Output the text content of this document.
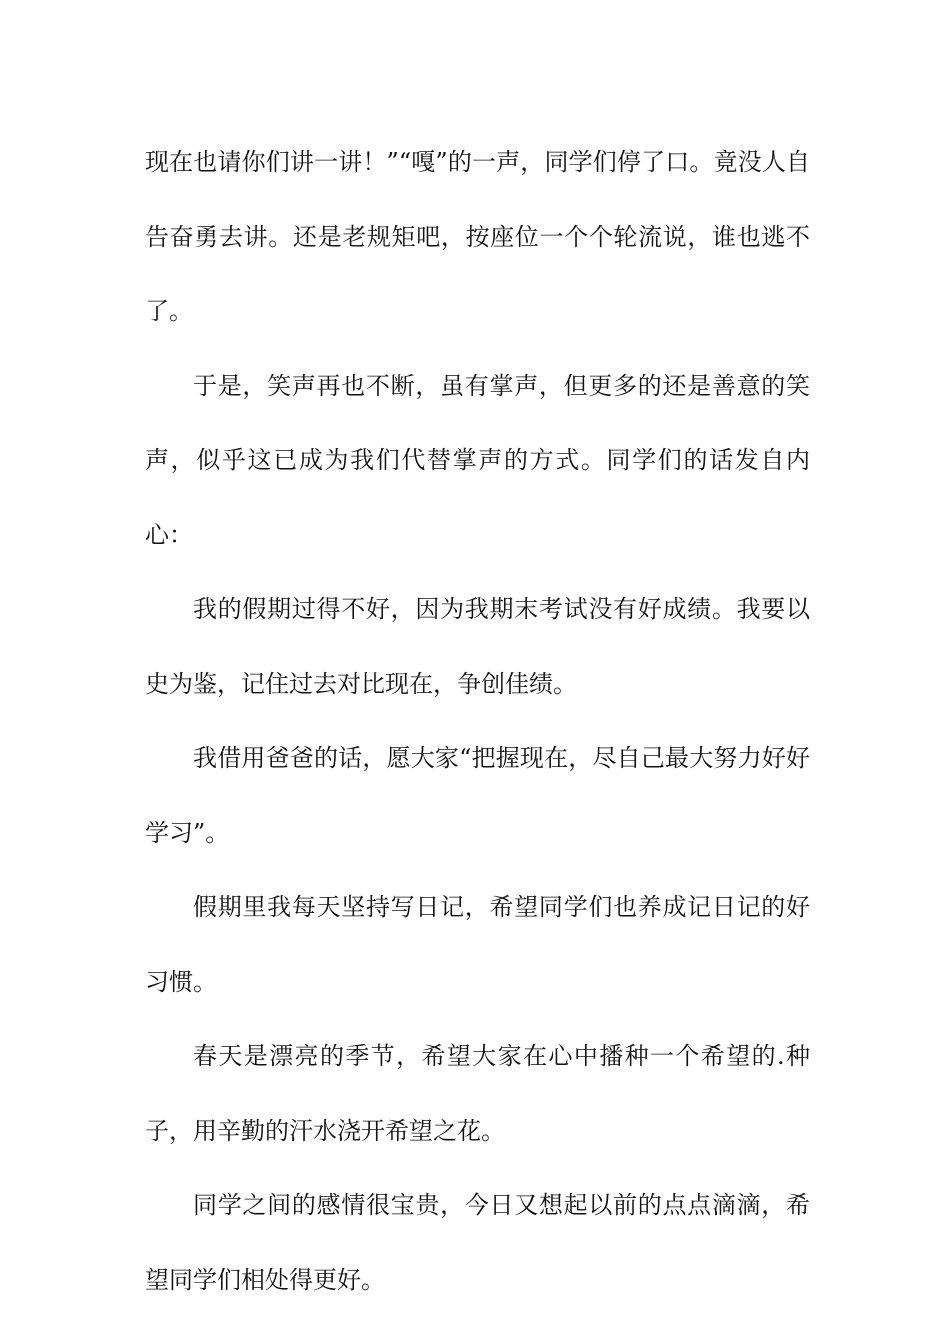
现在也请你们讲一讲！”“嘎”的一声，同学们停了口。竟没人自告奋勇去讲。还是老规矩吧，按座位一个个轮流说，谁也逃不了。

于是，笑声再也不断，虽有掌声，但更多的还是善意的笑声，似乎这已成为我们代替掌声的方式。同学们的话发自内心：

我的假期过得不好，因为我期末考试没有好成绩。我要以史为鉴，记住过去对比现在，争创佳绩。

我借用爸爸的话，愿大家“把握现在，尽自己最大努力好好学习”。

假期里我每天坚持写日记，希望同学们也养成记日记的好习惯。

春天是漂亮的季节，希望大家在心中播种一个希望的.种子，用辛勤的汗水浇开希望之花。

同学之间的感情很宝贵，今日又想起以前的点点滴滴，希望同学们相处得更好。
